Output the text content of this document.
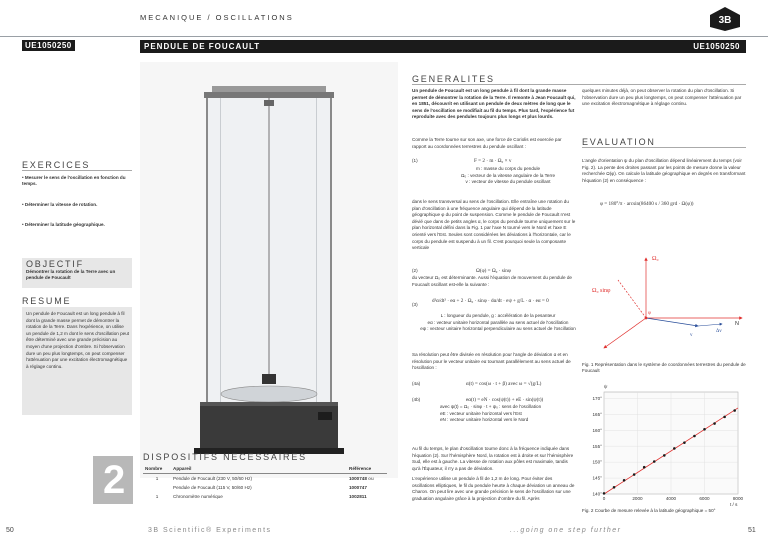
MECANIQUE / OSCILLATIONS	3B
UE1050250	PENDULE DE FOUCAULT	UE1050250
GENERALITES
Un pendule de Foucault est un long pendule à fil dont la grande masse permet de démontrer la rotation de la Terre. Il remonte à Jean Foucault qui, en 1851, découvrit en utilisant un pendule de deux mètres de long que le sens de l'oscillation se modifiait au fil du temps. Plus tard, l'expérience fut reproduite avec des pendules toujours plus longs et plus lourds.
quelques minutes déjà, on peut observer la rotation du plan d'oscillation. Si l'observation dure un peu plus longtemps, on peut compenser l'atténuation par une excitation électromagnétique à réglage continu.
Comme la Terre tourne sur son axe, une force de Coriolis est exercée par rapport au coordonnées terrestres du pendule oscillant :
(1)	F = 2 · m · Ω₀ × v
m : masse du corps du pendule
Ω₀ : vecteur de la vitesse angulaire de la Terre
v : vecteur de vitesse du pendule oscillant
dans le sens transversal au sens de l'oscillation. Elle entraîne une rotation du plan d'oscillation à une fréquence angulaire qui dépend de la latitude géographique φ du point de suspension. Comme le pendule de Foucault n'est dévié que dans de petits angles α, le corps du pendule tourne uniquement sur le plan horizontal défini dans la Fig. 1 par l'axe N tourné vers le Nord et l'axe E orienté vers l'Est. Seules sont considérées les déviations à l'horizontale, car le corps du pendule est suspendu à un fil. C'est pourquoi seule la composante verticale
(2)	Ω(φ) = Ω₀ · sinφ
du vecteur Ω₀ est déterminante. Aussi l'équation de mouvement du pendule de Foucault oscillant est-elle la suivante :
(3)
d²α/dt² · eα + 2 · Ω₀ · sinφ · dα/dt · eψ + g/L · α · eα = 0
L : longueur du pendule, g : accélération de la pesanteur
eα : vecteur unitaire horizontal parallèle au sens actuel de l'oscillation
eψ : vecteur unitaire horizontal perpendiculaire au sens actuel de l'oscillation
Sa résolution peut être divisée en résolution pour l'angle de déviation α et en résolution pour le vecteur unitaire eα tournant parallèlement au sens actuel de l'oscillation :
(4a)	α(t) = cos(ω · t + β) avec ω = √(g/L)
(4b)	eα(t) = eN · cos(ψ(t)) + eE · sin(ψ(t))
avec ψ(t) = Ω₀ · sinφ · t + ψ₀ : sens de l'oscillation
eE : vecteur unitaire horizontal vers l'Est
eN : vecteur unitaire horizontal vers le Nord
Au fil du temps, le plan d'oscillation tourne donc à la fréquence indiquée dans l'équation (2). Sur l'hémisphère Nord, la rotation est à droite et sur l'hémisphère Sud, elle est à gauche. La vitesse de rotation aux pôles est maximale, tandis qu'à l'Équateur, il n'y a pas de déviation.
L'expérience utilise un pendule à fil de 1,2 m de long. Pour éviter des oscillations elliptiques, le fil du pendule heurte à chaque déviation un anneau de Charon. On peut lire avec une grande précision le sens de l'oscillation sur une graduation angulaire grâce à la projection d'ombre du fil. Après
EVALUATION
L'angle d'orientation ψ du plan d'oscillation dépend linéairement du temps (voir Fig. 2). La pente des droites passant par les points de mesure donne la valeur recherchée Ω(φ). On calcule la latitude géographique en degrés en transformant l'équation (2) en conséquence :
φ = 180°/π · arcsin(86400 s / 360 grd · Ω(φ))
Ω₀
Ω₀ sinφ
φ
N
v
Δv
Fig. 1 Représentation dans le système de coordonnées terrestres du pendule de Foucault
140°
145°
150°
155°
160°
165°
170°
0	2000	4000	6000	8000
ψ
t / s
Fig. 2 Courbe de mesure relevée à la latitude géographique = 50°
EXERCICES
• Mesurer le sens de l'oscillation en fonction du temps.
• Déterminer la vitesse de rotation.
• Déterminer la latitude géographique.
OBJECTIF
Démontrer la rotation de la Terre avec un pendule de Foucault
RESUME
Un pendule de Foucault est un long pendule à fil dont la grande masse permet de démontrer la rotation de la Terre. Dans l'expérience, on utilise un pendule de 1,2 m dont le sens d'oscillation peut être déterminé avec une grande précision au moyen d'une projection d'ombre. Si l'observation dure un peu plus longtemps, on peut compenser l'atténuation par une excitation électromagnétique à réglage continu.
DISPOSITIFS NECESSAIRES
Nombre	Appareil	Référence
1	Pendule de Foucault (230 V, 50/60 Hz)	1000748 ou
	Pendule de Foucault (115 V, 50/60 Hz)	1000747
1	Chronomètre numérique	1002811
2
50	3B Scientific® Experiments	...going one step further	51
